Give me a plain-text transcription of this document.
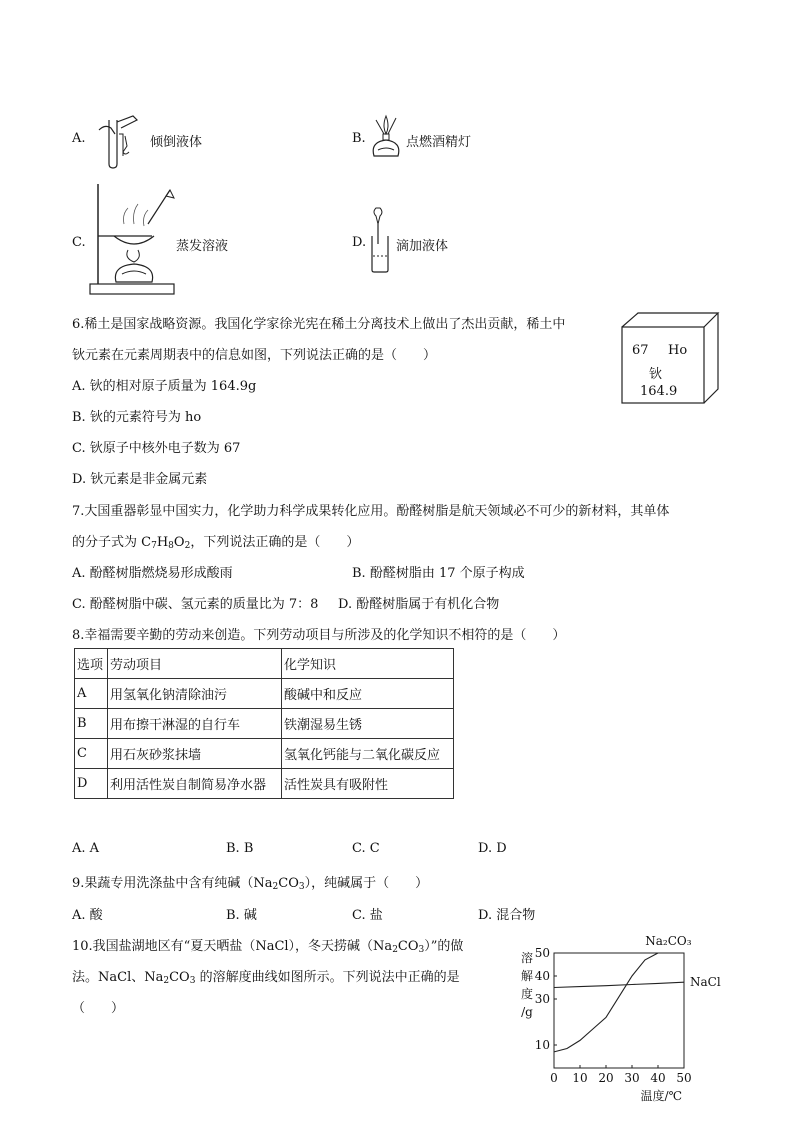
A.	倾倒液体	B.	点燃酒精灯
C.	蒸发溶液	D. 滴加液体
6.稀土是国家战略资源。我国化学家徐光宪在稀土分离技术上做出了杰出贡献，稀土中
钬元素在元素周期表中的信息如图，下列说法正确的是（　　）	67 Ho
钬
164.9
A. 钬的相对原子质量为 164.9g
B. 钬的元素符号为 ho
C. 钬原子中核外电子数为 67
D. 钬元素是非金属元素
7.大国重器彰显中国实力，化学助力科学成果转化应用。酚醛树脂是航天领域必不可少的新材料，其单体
的分子式为 $C_7H_8O_2$，下列说法正确的是（　　）
A. 酚醛树脂燃烧易形成酸雨	B. 酚醛树脂由 17 个原子构成
C. 酚醛树脂中碳、氢元素的质量比为 7：8 D. 酚醛树脂属于有机化合物
8.幸福需要辛勤的劳动来创造。下列劳动项目与所涉及的化学知识不相符的是（　　）
选项	劳动项目	化学知识
A	用氢氧化钠清除油污	酸碱中和反应
B	用布擦干淋湿的自行车	铁潮湿易生锈
C	用石灰砂浆抹墙	氢氧化钙能与二氧化碳反应
D	利用活性炭自制简易净水器	活性炭具有吸附性
A. A	B. B	C. C	D. D
9.果蔬专用洗涤盐中含有纯碱$(Na_2CO_3)$，纯碱属于（　　）
A. 酸	B. 碱	C. 盐	D. 混合物
10.我国盐湖地区有“夏天晒盐（NaCl），冬天捞碱$(Na_2CO_3)$”的做
法。NaCl、$Na_2CO_3$ 的溶解度曲线如图所示。下列说法中正确的是
（　　）
0 10 20 30 40 50
10
30
40
50
溶
解
度
/g
温度/℃
NaCl
Na₂CO₃
